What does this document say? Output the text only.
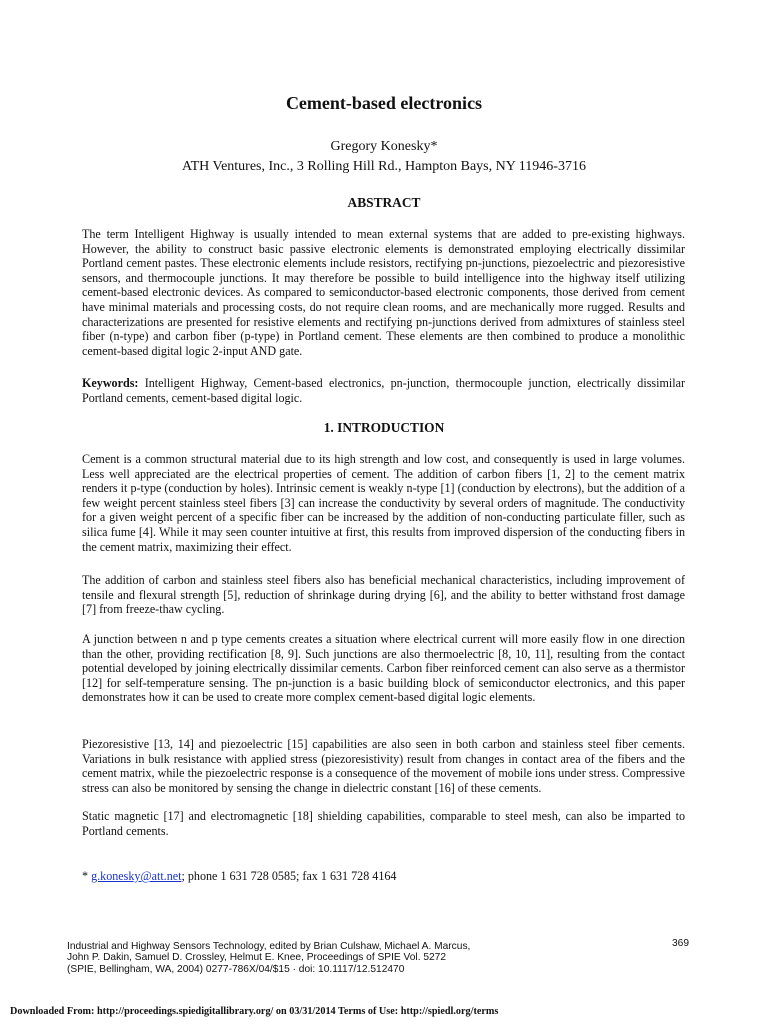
Cement-based electronics
Gregory Konesky*
ATH Ventures, Inc., 3 Rolling Hill Rd., Hampton Bays, NY 11946-3716
ABSTRACT

The term Intelligent Highway is usually intended to mean external systems that are added to pre-existing highways. However, the ability to construct basic passive electronic elements is demonstrated employing electrically dissimilar Portland cement pastes. These electronic elements include resistors, rectifying pn-junctions, piezoelectric and piezoresistive sensors, and thermocouple junctions. It may therefore be possible to build intelligence into the highway itself utilizing cement-based electronic devices. As compared to semiconductor-based electronic components, those derived from cement have minimal materials and processing costs, do not require clean rooms, and are mechanically more rugged. Results and characterizations are presented for resistive elements and rectifying pn-junctions derived from admixtures of stainless steel fiber (n-type) and carbon fiber (p-type) in Portland cement. These elements are then combined to produce a monolithic cement-based digital logic 2-input AND gate.

Keywords: Intelligent Highway, Cement-based electronics, pn-junction, thermocouple junction, electrically dissimilar Portland cements, cement-based digital logic.

1. INTRODUCTION

Cement is a common structural material due to its high strength and low cost, and consequently is used in large volumes. Less well appreciated are the electrical properties of cement. The addition of carbon fibers [1, 2] to the cement matrix renders it p-type (conduction by holes). Intrinsic cement is weakly n-type [1] (conduction by electrons), but the addition of a few weight percent stainless steel fibers [3] can increase the conductivity by several orders of magnitude. The conductivity for a given weight percent of a specific fiber can be increased by the addition of non-conducting particulate filler, such as silica fume [4]. While it may seen counter intuitive at first, this results from improved dispersion of the conducting fibers in the cement matrix, maximizing their effect.

The addition of carbon and stainless steel fibers also has beneficial mechanical characteristics, including improvement of tensile and flexural strength [5], reduction of shrinkage during drying [6], and the ability to better withstand frost damage [7] from freeze-thaw cycling.

A junction between n and p type cements creates a situation where electrical current will more easily flow in one direction than the other, providing rectification [8, 9]. Such junctions are also thermoelectric [8, 10, 11], resulting from the contact potential developed by joining electrically dissimilar cements. Carbon fiber reinforced cement can also serve as a thermistor [12] for self-temperature sensing. The pn-junction is a basic building block of semiconductor electronics, and this paper demonstrates how it can be used to create more complex cement-based digital logic elements.

Piezoresistive [13, 14] and piezoelectric [15] capabilities are also seen in both carbon and stainless steel fiber cements. Variations in bulk resistance with applied stress (piezoresistivity) result from changes in contact area of the fibers and the cement matrix, while the piezoelectric response is a consequence of the movement of mobile ions under stress. Compressive stress can also be monitored by sensing the change in dielectric constant [16] of these cements.

Static magnetic [17] and electromagnetic [18] shielding capabilities, comparable to steel mesh, can also be imparted to Portland cements.

* g.konesky@att.net; phone 1 631 728 0585; fax 1 631 728 4164

Industrial and Highway Sensors Technology, edited by Brian Culshaw, Michael A. Marcus,
John P. Dakin, Samuel D. Crossley, Helmut E. Knee, Proceedings of SPIE Vol. 5272
(SPIE, Bellingham, WA, 2004) 0277-786X/04/$15 · doi: 10.1117/12.512470
369
Downloaded From: http://proceedings.spiedigitallibrary.org/ on 03/31/2014 Terms of Use: http://spiedl.org/terms
